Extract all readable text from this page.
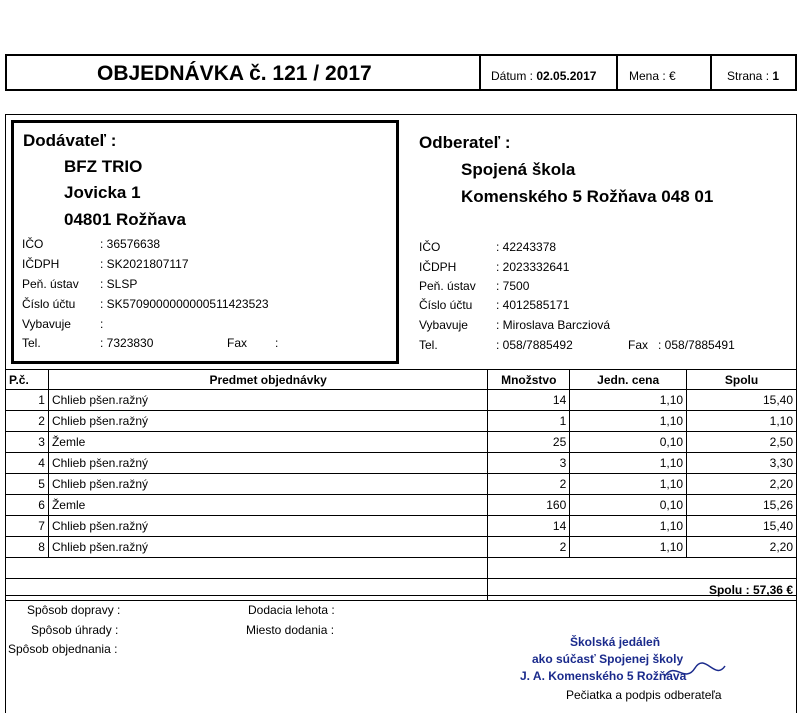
OBJEDNÁVKA č. 121 / 2017	Dátum : 02.05.2017	Mena : €	Strana : 1
Dodávateľ :
BFZ TRIO
Jovicka 1
04801 Rožňava
IČO	: 36576638
IČDPH	: SK2021807117
Peň. ústav : SLSP
Číslo účtu : SK5709000000000511423523
Vybavuje :
Tel.	: 7323830	Fax :
Odberateľ :
Spojená škola
Komenského 5 Rožňava 048 01
IČO	: 42243378
IČDPH	: 2023332641
Peň. ústav : 7500
Číslo účtu : 4012585171
Vybavuje : Miroslava Barcziová
Tel.	: 058/7885492	Fax : 058/7885491
P.č.	Predmet objednávky	Množstvo	Jedn. cena	Spolu
1	Chlieb pšen.ražný	14	1,10	15,40
2	Chlieb pšen.ražný	1	1,10	1,10
3	Žemle	25	0,10	2,50
4	Chlieb pšen.ražný	3	1,10	3,30
5	Chlieb pšen.ražný	2	1,10	2,20
6	Žemle	160	0,10	15,26
7	Chlieb pšen.ražný	14	1,10	15,40
8	Chlieb pšen.ražný	2	1,10	2,20

		Spolu : 57,36 €		
Spôsob dopravy :
Spôsob úhrady :
Spôsob objednania :
Dodacia lehota :
Miesto dodania :
Školská jedáleň
ako súčasť Spojenej školy
J. A. Komenského 5 Rožňava
Pečiatka a podpis odberateľa
